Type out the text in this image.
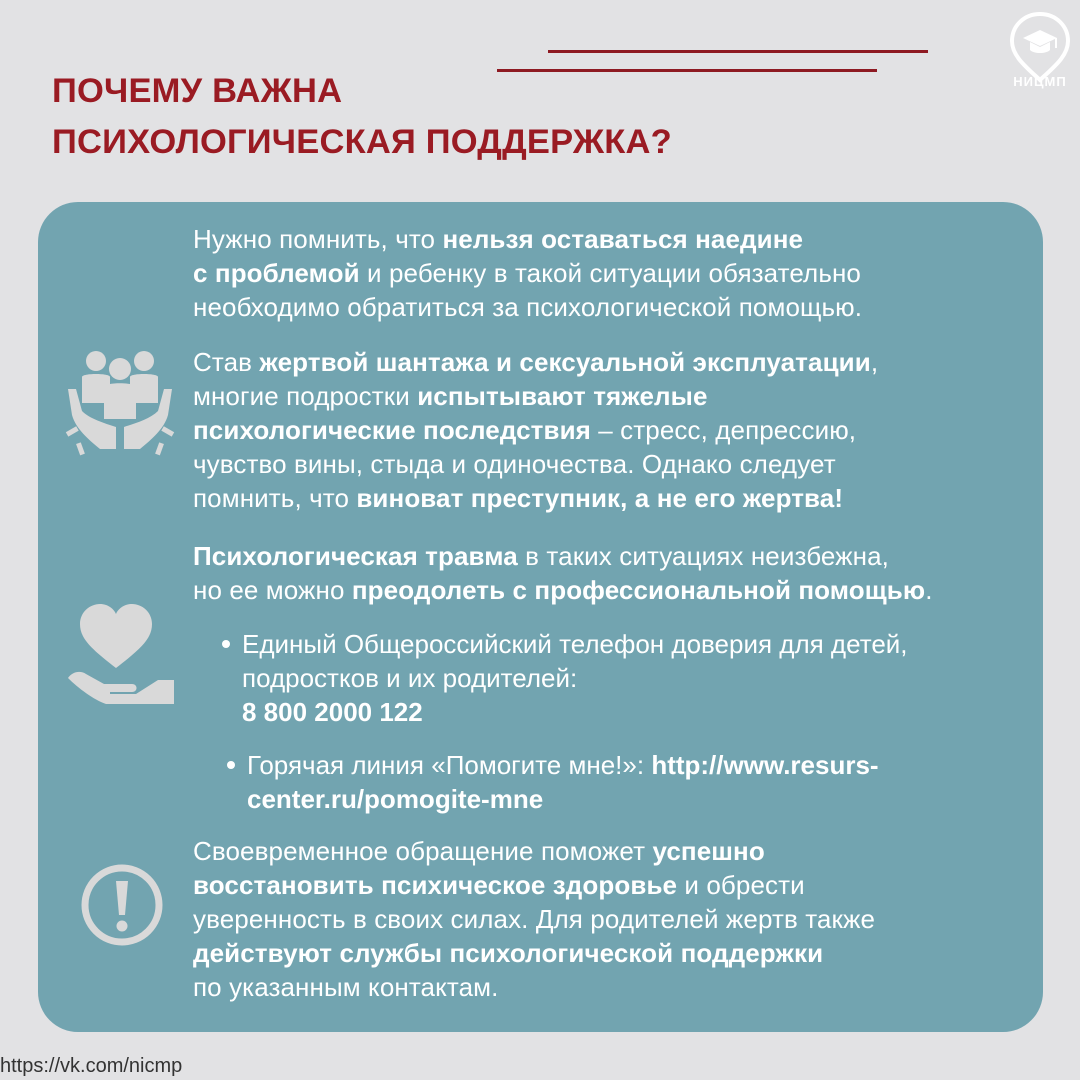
ПОЧЕМУ ВАЖНА
ПСИХОЛОГИЧЕСКАЯ ПОДДЕРЖКА?
НИЦМП
Нужно помнить, что нельзя оставаться наедине
с проблемой и ребенку в такой ситуации обязательно
необходимо обратиться за психологической помощью.
Став жертвой шантажа и сексуальной эксплуатации,
многие подростки испытывают тяжелые
психологические последствия – стресс, депрессию,
чувство вины, стыда и одиночества. Однако следует
помнить, что виноват преступник, а не его жертва!
Психологическая травма в таких ситуациях неизбежна,
но ее можно преодолеть с профессиональной помощью.
Единый Общероссийский телефон доверия для детей,
подростков и их родителей:
8 800 2000 122
Горячая линия «Помогите мне!»: http://www.resurs-
center.ru/pomogite-mne
Своевременное обращение поможет успешно
восстановить психическое здоровье и обрести
уверенность в своих силах. Для родителей жертв также
действуют службы психологической поддержки
по указанным контактам.
https://vk.com/nicmp
